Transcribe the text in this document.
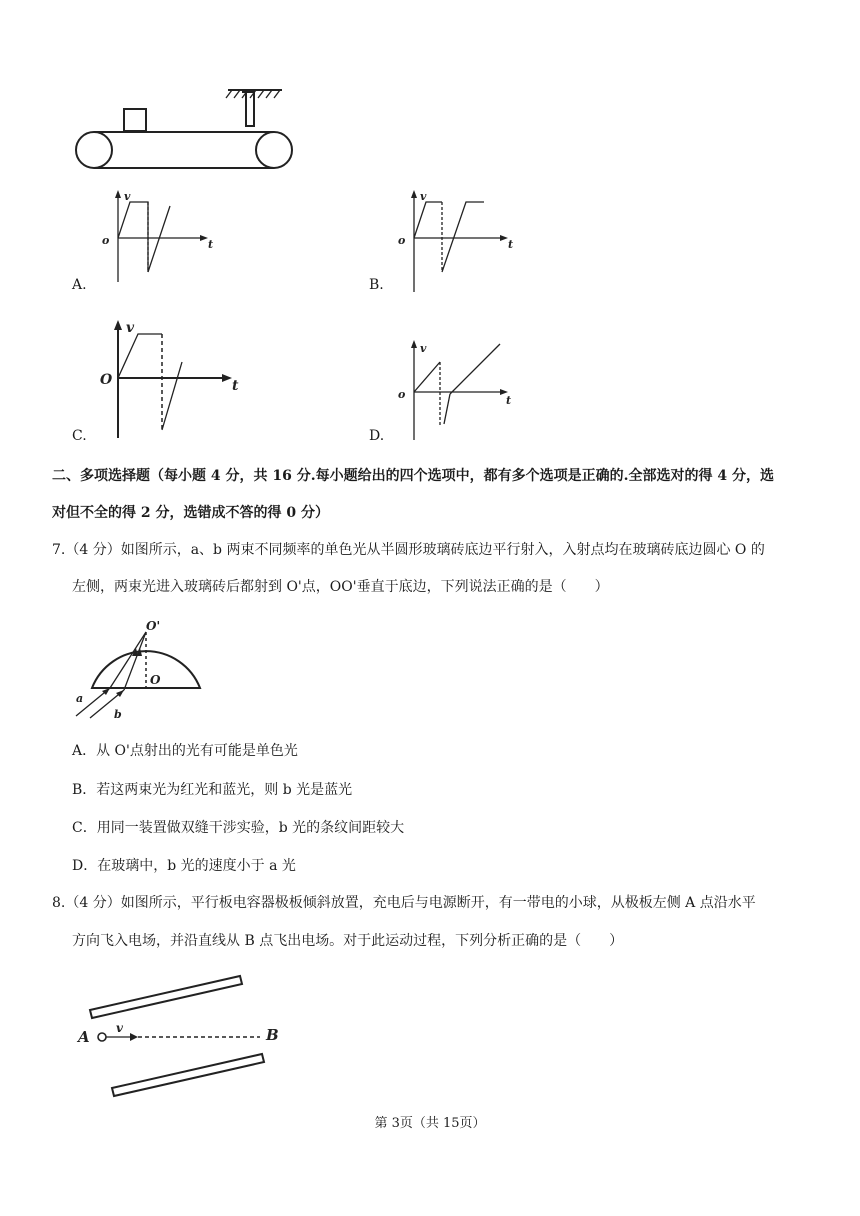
v
o	t
A.
v
o	t
B.
v
O	t
C.
v
o	t
D.
二、多项选择题（每小题 4 分，共 16 分.每小题给出的四个选项中，都有多个选项是正确的.全部选对的得 4 分，选
对但不全的得 2 分，选错成不答的得 0 分）
7.（4 分）如图所示，a、b 两束不同频率的单色光从半圆形玻璃砖底边平行射入，入射点均在玻璃砖底边圆心 O 的
左侧，两束光进入玻璃砖后都射到 O'点，OO'垂直于底边，下列说法正确的是（　　）
O'
O
a
b
A．从 O'点射出的光有可能是单色光
B．若这两束光为红光和蓝光，则 b 光是蓝光
C．用同一装置做双缝干涉实验，b 光的条纹间距较大
D．在玻璃中，b 光的速度小于 a 光
8.（4 分）如图所示，平行板电容器极板倾斜放置，充电后与电源断开，有一带电的小球，从极板左侧 A 点沿水平
方向飞入电场，并沿直线从 B 点飞出电场。对于此运动过程，下列分析正确的是（　　）
A	B
v
第 3页（共 15页）
